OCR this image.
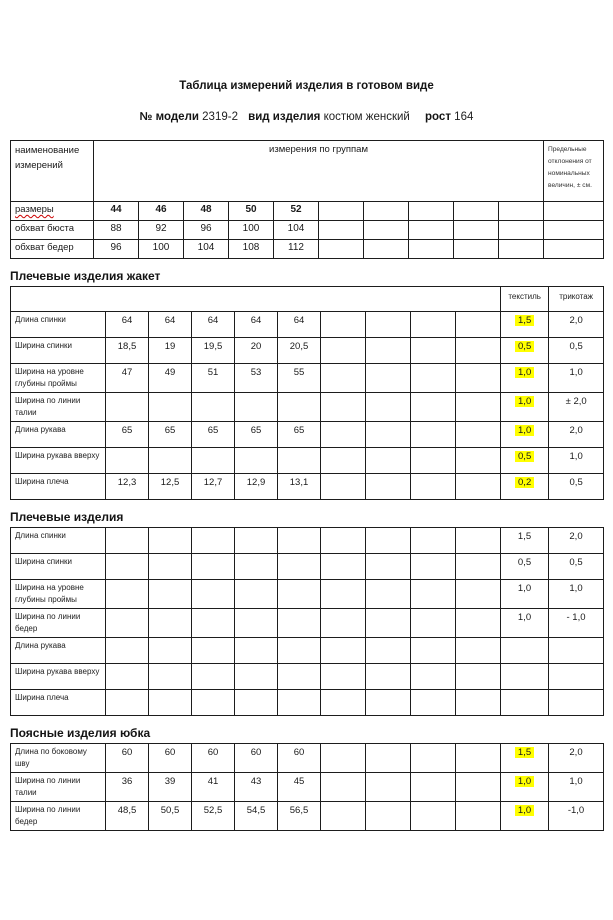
Таблица измерений изделия в готовом виде
№ модели 2319-2 вид изделия костюм женский рост 164
наименование измерений	измерения по группам										Предельные отклонения от номинальных величин, ± см.
размеры	44	46	48	50	52						
обхват бюста	88	92	96	100	104						
обхват бедер	96	100	104	108	112						
Плечевые изделия жакет
										текстиль	трикотаж
Длина спинки	64	64	64	64	64					1,5	2,0
Ширина спинки	18,5	19	19,5	20	20,5					0,5	0,5
Ширина на уровне глубины проймы	47	49	51	53	55					1,0	1,0
Ширина по линии талии										1,0	± 2,0
Длина рукава	65	65	65	65	65					1,0	2,0
Ширина рукава вверху										0,5	1,0
Ширина плеча	12,3	12,5	12,7	12,9	13,1					0,2	0,5
Плечевые изделия
Длина спинки										1,5	2,0
Ширина спинки										0,5	0,5
Ширина на уровне глубины проймы										1,0	1,0
Ширина по линии бедер										1,0	- 1,0
Длина рукава											
Ширина рукава вверху											
Ширина плеча											
Поясные изделия юбка
Длина по боковому шву	60	60	60	60	60					1,5	2,0
Ширина по линии талии	36	39	41	43	45					1,0	1,0
Ширина по линии бедер	48,5	50,5	52,5	54,5	56,5					1,0	-1,0
